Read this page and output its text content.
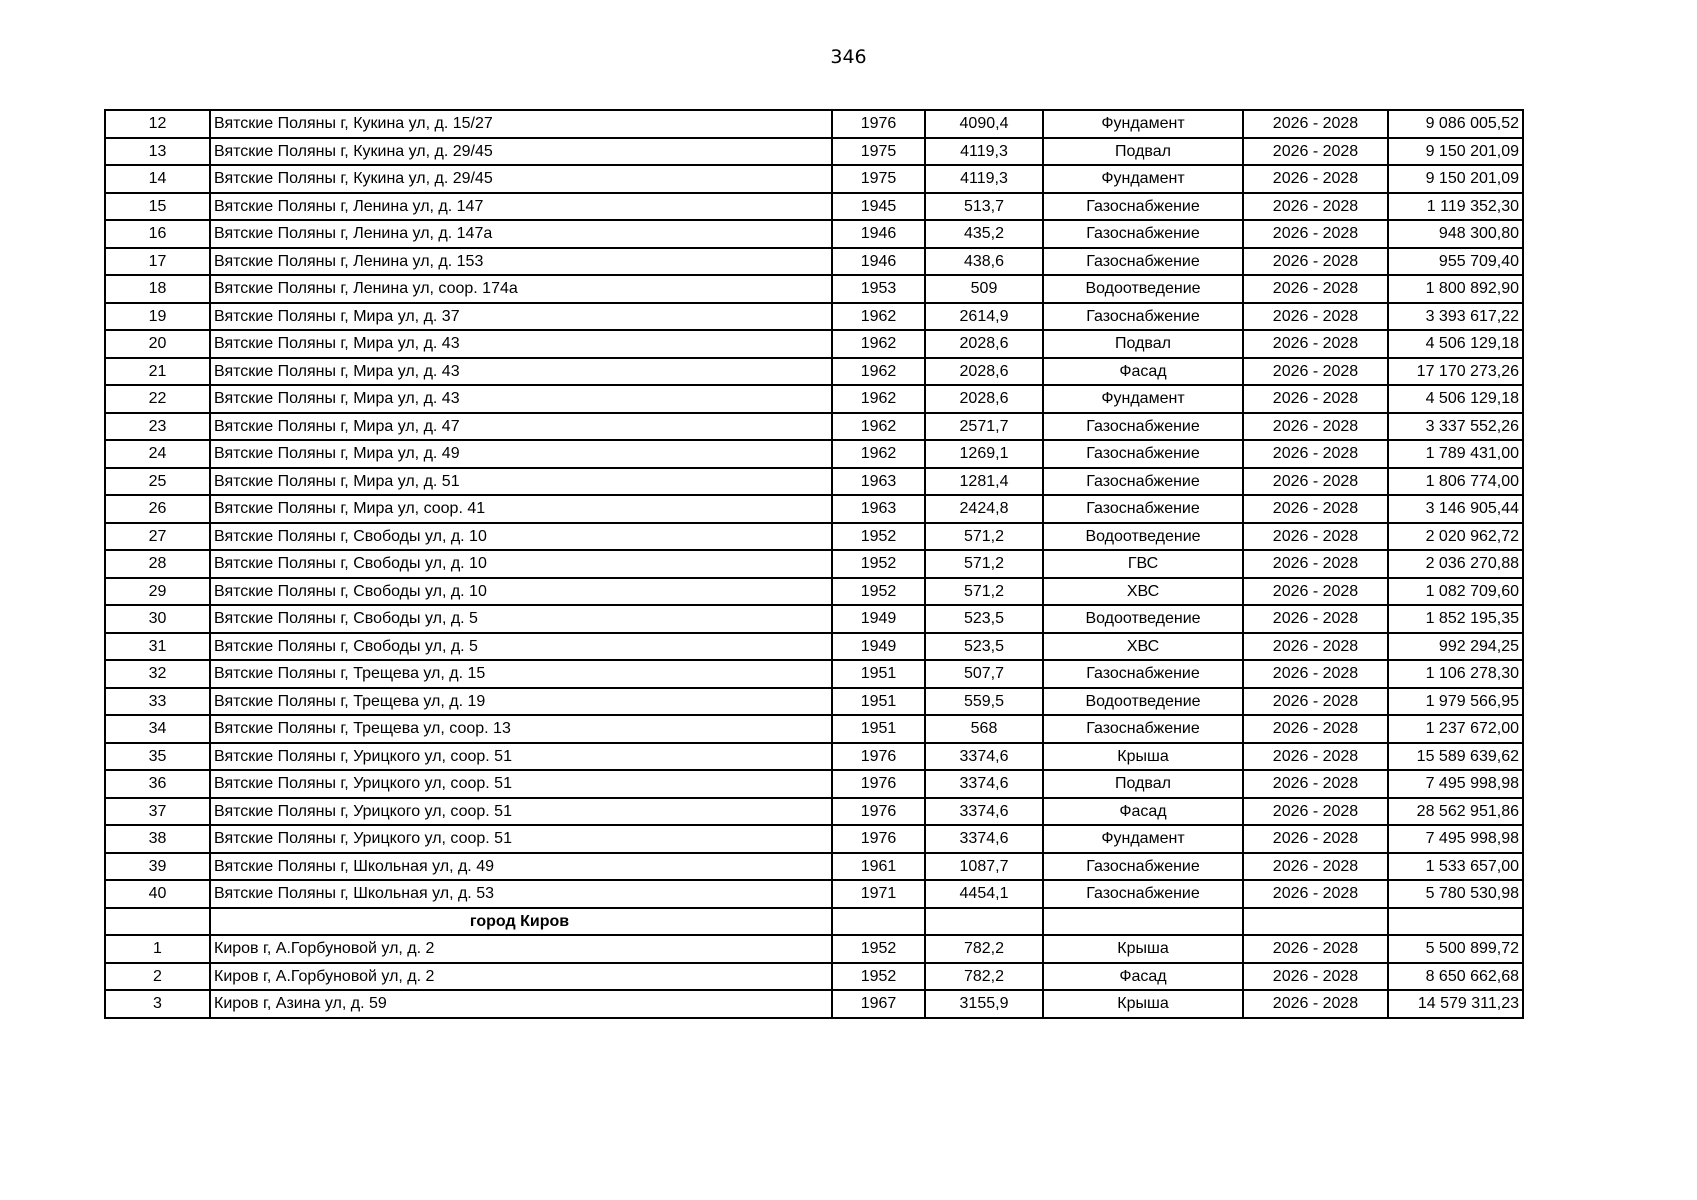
346
12	Вятские Поляны г, Кукина ул, д. 15/27	1976	4090,4	Фундамент	2026 - 2028	9 086 005,52
13	Вятские Поляны г, Кукина ул, д. 29/45	1975	4119,3	Подвал	2026 - 2028	9 150 201,09
14	Вятские Поляны г, Кукина ул, д. 29/45	1975	4119,3	Фундамент	2026 - 2028	9 150 201,09
15	Вятские Поляны г, Ленина ул, д. 147	1945	513,7	Газоснабжение	2026 - 2028	1 119 352,30
16	Вятские Поляны г, Ленина ул, д. 147а	1946	435,2	Газоснабжение	2026 - 2028	948 300,80
17	Вятские Поляны г, Ленина ул, д. 153	1946	438,6	Газоснабжение	2026 - 2028	955 709,40
18	Вятские Поляны г, Ленина ул, соор. 174а	1953	509	Водоотведение	2026 - 2028	1 800 892,90
19	Вятские Поляны г, Мира ул, д. 37	1962	2614,9	Газоснабжение	2026 - 2028	3 393 617,22
20	Вятские Поляны г, Мира ул, д. 43	1962	2028,6	Подвал	2026 - 2028	4 506 129,18
21	Вятские Поляны г, Мира ул, д. 43	1962	2028,6	Фасад	2026 - 2028	17 170 273,26
22	Вятские Поляны г, Мира ул, д. 43	1962	2028,6	Фундамент	2026 - 2028	4 506 129,18
23	Вятские Поляны г, Мира ул, д. 47	1962	2571,7	Газоснабжение	2026 - 2028	3 337 552,26
24	Вятские Поляны г, Мира ул, д. 49	1962	1269,1	Газоснабжение	2026 - 2028	1 789 431,00
25	Вятские Поляны г, Мира ул, д. 51	1963	1281,4	Газоснабжение	2026 - 2028	1 806 774,00
26	Вятские Поляны г, Мира ул, соор. 41	1963	2424,8	Газоснабжение	2026 - 2028	3 146 905,44
27	Вятские Поляны г, Свободы ул, д. 10	1952	571,2	Водоотведение	2026 - 2028	2 020 962,72
28	Вятские Поляны г, Свободы ул, д. 10	1952	571,2	ГВС	2026 - 2028	2 036 270,88
29	Вятские Поляны г, Свободы ул, д. 10	1952	571,2	ХВС	2026 - 2028	1 082 709,60
30	Вятские Поляны г, Свободы ул, д. 5	1949	523,5	Водоотведение	2026 - 2028	1 852 195,35
31	Вятские Поляны г, Свободы ул, д. 5	1949	523,5	ХВС	2026 - 2028	992 294,25
32	Вятские Поляны г, Трещева ул, д. 15	1951	507,7	Газоснабжение	2026 - 2028	1 106 278,30
33	Вятские Поляны г, Трещева ул, д. 19	1951	559,5	Водоотведение	2026 - 2028	1 979 566,95
34	Вятские Поляны г, Трещева ул, соор. 13	1951	568	Газоснабжение	2026 - 2028	1 237 672,00
35	Вятские Поляны г, Урицкого ул, соор. 51	1976	3374,6	Крыша	2026 - 2028	15 589 639,62
36	Вятские Поляны г, Урицкого ул, соор. 51	1976	3374,6	Подвал	2026 - 2028	7 495 998,98
37	Вятские Поляны г, Урицкого ул, соор. 51	1976	3374,6	Фасад	2026 - 2028	28 562 951,86
38	Вятские Поляны г, Урицкого ул, соор. 51	1976	3374,6	Фундамент	2026 - 2028	7 495 998,98
39	Вятские Поляны г, Школьная ул, д. 49	1961	1087,7	Газоснабжение	2026 - 2028	1 533 657,00
40	Вятские Поляны г, Школьная ул, д. 53	1971	4454,1	Газоснабжение	2026 - 2028	5 780 530,98
	город Киров					
1	Киров г, А.Горбуновой ул, д. 2	1952	782,2	Крыша	2026 - 2028	5 500 899,72
2	Киров г, А.Горбуновой ул, д. 2	1952	782,2	Фасад	2026 - 2028	8 650 662,68
3	Киров г, Азина ул, д. 59	1967	3155,9	Крыша	2026 - 2028	14 579 311,23
